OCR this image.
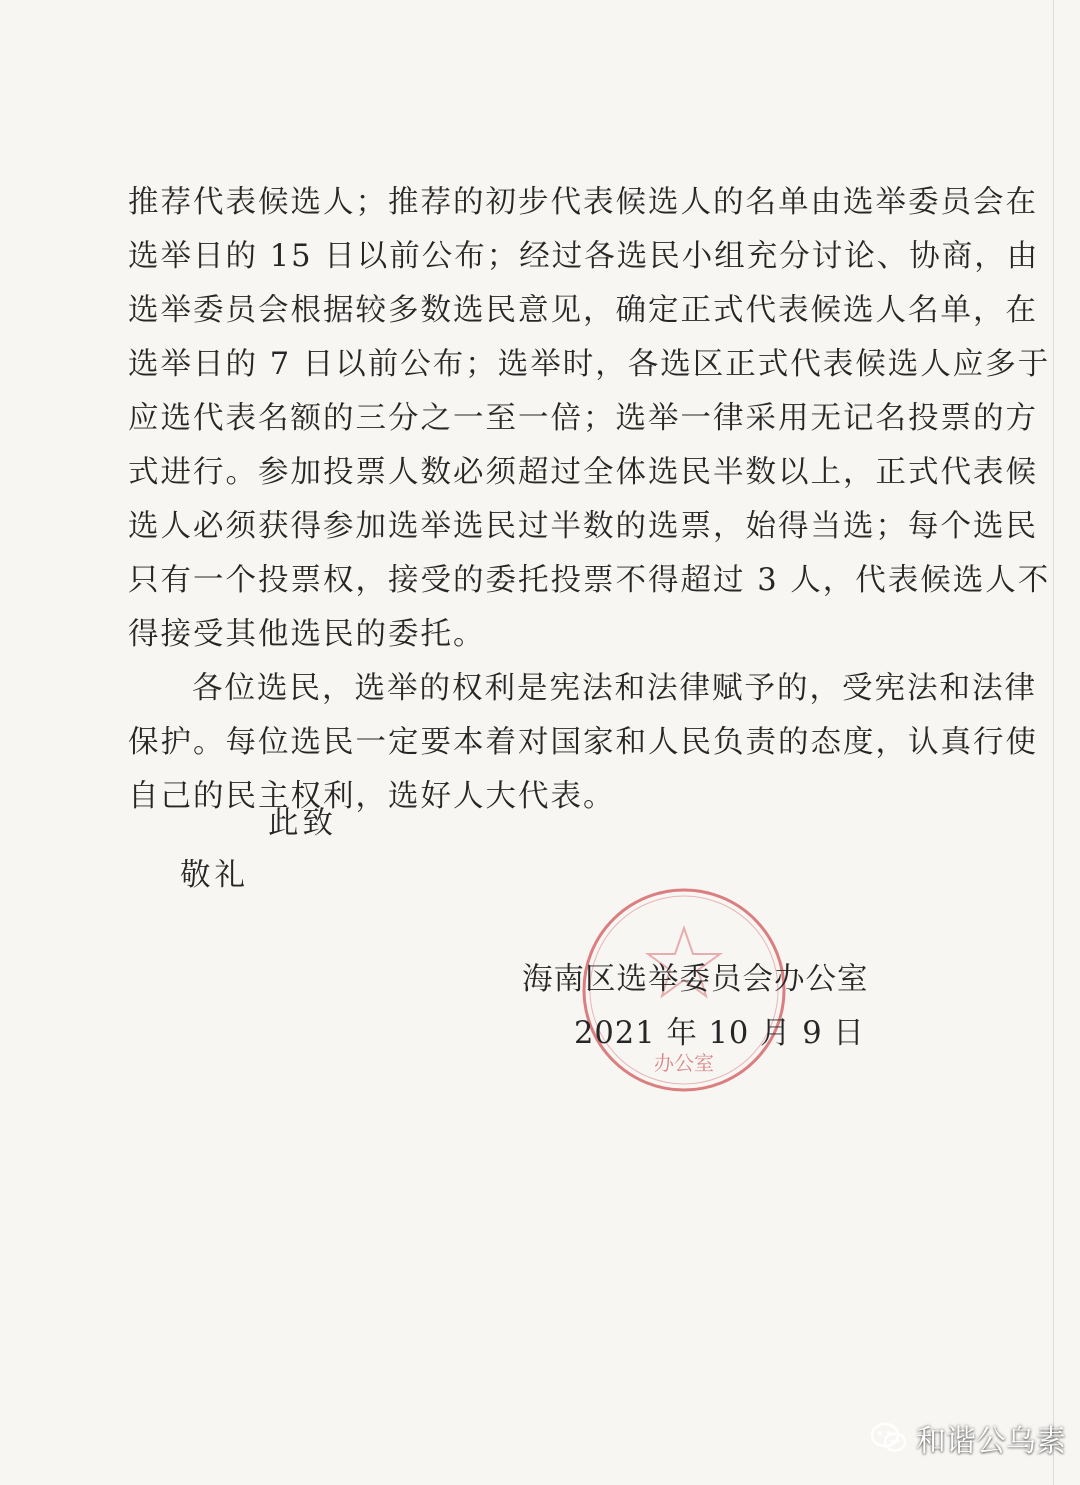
推荐代表候选人；推荐的初步代表候选人的名单由选举委员会在
选举日的 15 日以前公布；经过各选民小组充分讨论、协商，由
选举委员会根据较多数选民意见，确定正式代表候选人名单，在
选举日的 7 日以前公布；选举时，各选区正式代表候选人应多于
应选代表名额的三分之一至一倍；选举一律采用无记名投票的方
式进行。参加投票人数必须超过全体选民半数以上，正式代表候
选人必须获得参加选举选民过半数的选票，始得当选；每个选民
只有一个投票权，接受的委托投票不得超过 3 人，代表候选人不
得接受其他选民的委托。
各位选民，选举的权利是宪法和法律赋予的，受宪法和法律
保护。每位选民一定要本着对国家和人民负责的态度，认真行使
自己的民主权利，选好人大代表。
此致
敬礼
办公室
海南区选举委员会办公室
2021 年 10 月 9 日
和谐公乌素
